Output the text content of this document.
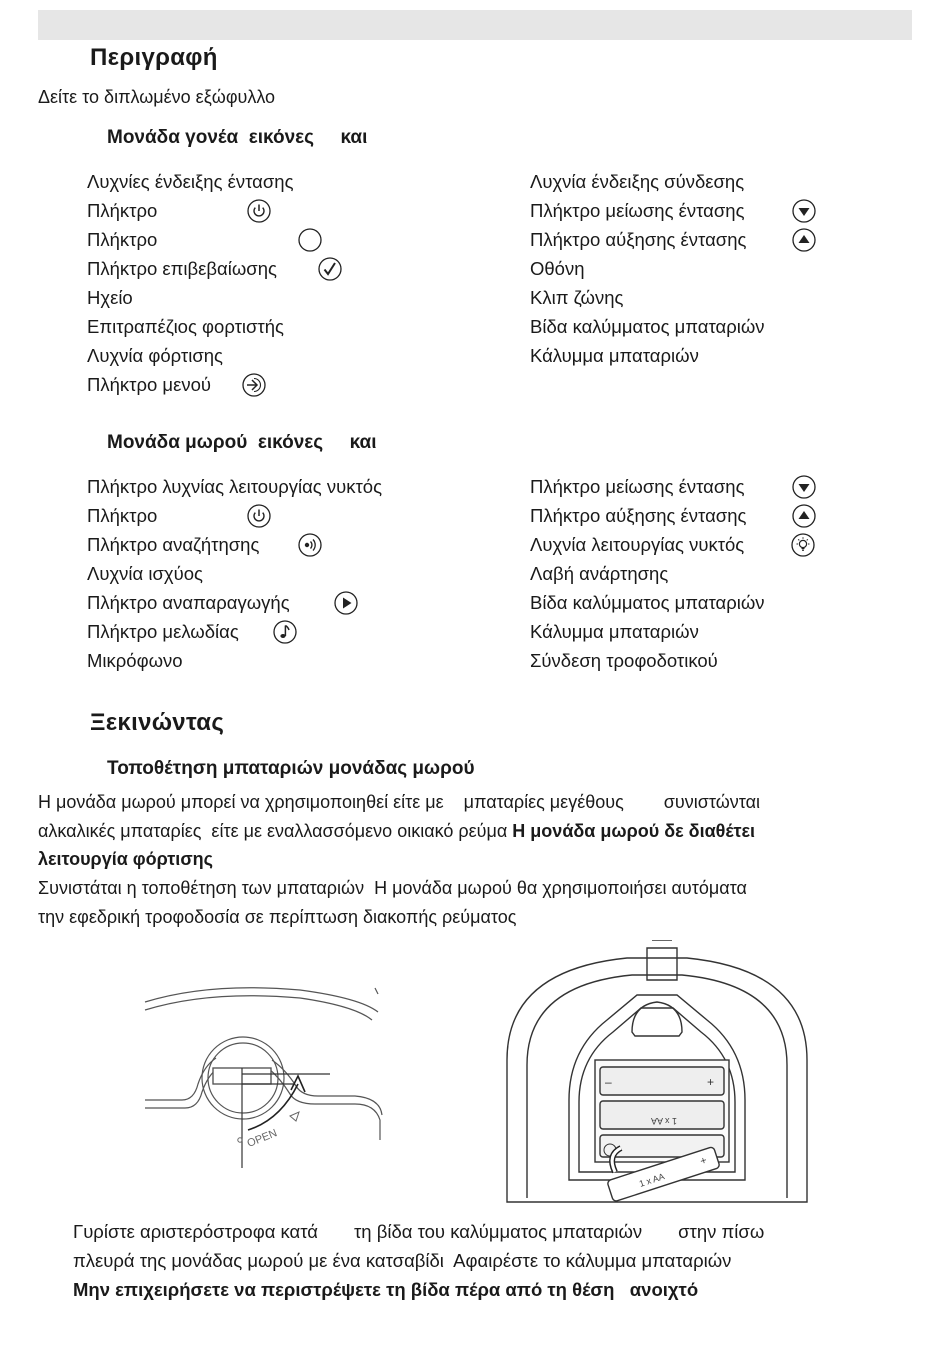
Περιγραφή
Δείτε το διπλωμένο εξώφυλλο
Μονάδα γονέα εικόνες και
Λυχνίες ένδειξης έντασης
Πλήκτρο
Πλήκτρο
Πλήκτρο επιβεβαίωσης
Ηχείο
Επιτραπέζιος φορτιστής
Λυχνία φόρτισης
Πλήκτρο μενού
Λυχνία ένδειξης σύνδεσης
Πλήκτρο μείωσης έντασης
Πλήκτρο αύξησης έντασης
Οθόνη
Κλιπ ζώνης
Βίδα καλύμματος μπαταριών
Κάλυμμα μπαταριών
Μονάδα μωρού εικόνες και
Πλήκτρο λυχνίας λειτουργίας νυκτός
Πλήκτρο
Πλήκτρο αναζήτησης
Λυχνία ισχύος
Πλήκτρο αναπαραγωγής
Πλήκτρο μελωδίας
Μικρόφωνο
Πλήκτρο μείωσης έντασης
Πλήκτρο αύξησης έντασης
Λυχνία λειτουργίας νυκτός
Λαβή ανάρτησης
Βίδα καλύμματος μπαταριών
Κάλυμμα μπαταριών
Σύνδεση τροφοδοτικού
Ξεκινώντας
Τοποθέτηση μπαταριών μονάδας μωρού
Η μονάδα μωρού μπορεί να χρησιμοποιηθεί είτε με    μπαταρίες μεγέθους        συνιστώνται
αλκαλικές μπαταρίες  είτε με εναλλασσόμενο οικιακό ρεύμα Η μονάδα μωρού δε διαθέτει
λειτουργία φόρτισης
Συνιστάται η τοποθέτηση των μπαταριών  Η μονάδα μωρού θα χρησιμοποιήσει αυτόματα
την εφεδρική τροφοδοσία σε περίπτωση διακοπής ρεύματος
OPEN
–	+
1 x AA
1 x AA
+
Γυρίστε αριστερόστροφα κατά       τη βίδα του καλύμματος μπαταριών       στην πίσω
πλευρά της μονάδας μωρού με ένα κατσαβίδι  Αφαιρέστε το κάλυμμα μπαταριών
Μην επιχειρήσετε να περιστρέψετε τη βίδα πέρα από τη θέση   ανοιχτό
